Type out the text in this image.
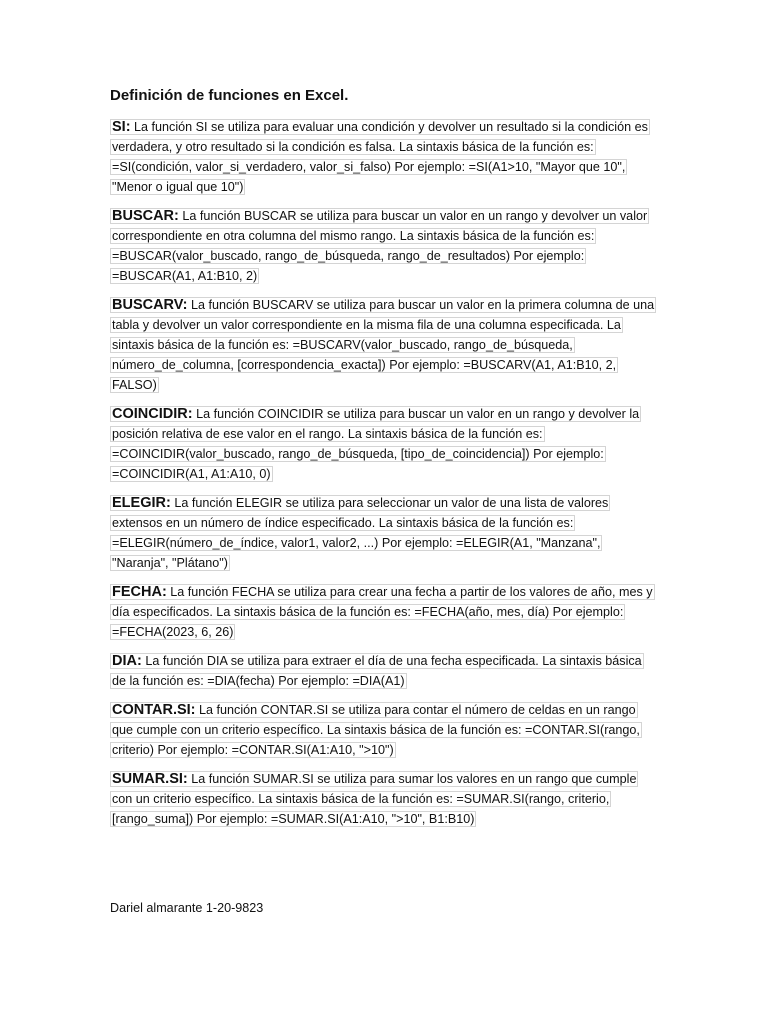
Definición de funciones en Excel.
SI: La función SI se utiliza para evaluar una condición y devolver un resultado si la condición es verdadera, y otro resultado si la condición es falsa. La sintaxis básica de la función es: =SI(condición, valor_si_verdadero, valor_si_falso) Por ejemplo: =SI(A1>10, "Mayor que 10", "Menor o igual que 10")
BUSCAR: La función BUSCAR se utiliza para buscar un valor en un rango y devolver un valor correspondiente en otra columna del mismo rango. La sintaxis básica de la función es: =BUSCAR(valor_buscado, rango_de_búsqueda, rango_de_resultados) Por ejemplo: =BUSCAR(A1, A1:B10, 2)
BUSCARV: La función BUSCARV se utiliza para buscar un valor en la primera columna de una tabla y devolver un valor correspondiente en la misma fila de una columna especificada. La sintaxis básica de la función es: =BUSCARV(valor_buscado, rango_de_búsqueda, número_de_columna, [correspondencia_exacta]) Por ejemplo: =BUSCARV(A1, A1:B10, 2, FALSO)
COINCIDIR: La función COINCIDIR se utiliza para buscar un valor en un rango y devolver la posición relativa de ese valor en el rango. La sintaxis básica de la función es: =COINCIDIR(valor_buscado, rango_de_búsqueda, [tipo_de_coincidencia]) Por ejemplo: =COINCIDIR(A1, A1:A10, 0)
ELEGIR: La función ELEGIR se utiliza para seleccionar un valor de una lista de valores extensos en un número de índice especificado. La sintaxis básica de la función es: =ELEGIR(número_de_índice, valor1, valor2, ...) Por ejemplo: =ELEGIR(A1, "Manzana", "Naranja", "Plátano")
FECHA: La función FECHA se utiliza para crear una fecha a partir de los valores de año, mes y día especificados. La sintaxis básica de la función es: =FECHA(año, mes, día) Por ejemplo: =FECHA(2023, 6, 26)
DIA: La función DIA se utiliza para extraer el día de una fecha especificada. La sintaxis básica de la función es: =DIA(fecha) Por ejemplo: =DIA(A1)
CONTAR.SI: La función CONTAR.SI se utiliza para contar el número de celdas en un rango que cumple con un criterio específico. La sintaxis básica de la función es: =CONTAR.SI(rango, criterio) Por ejemplo: =CONTAR.SI(A1:A10, ">10")
SUMAR.SI: La función SUMAR.SI se utiliza para sumar los valores en un rango que cumple con un criterio específico. La sintaxis básica de la función es: =SUMAR.SI(rango, criterio, [rango_suma]) Por ejemplo: =SUMAR.SI(A1:A10, ">10", B1:B10)
Dariel almarante 1-20-9823
